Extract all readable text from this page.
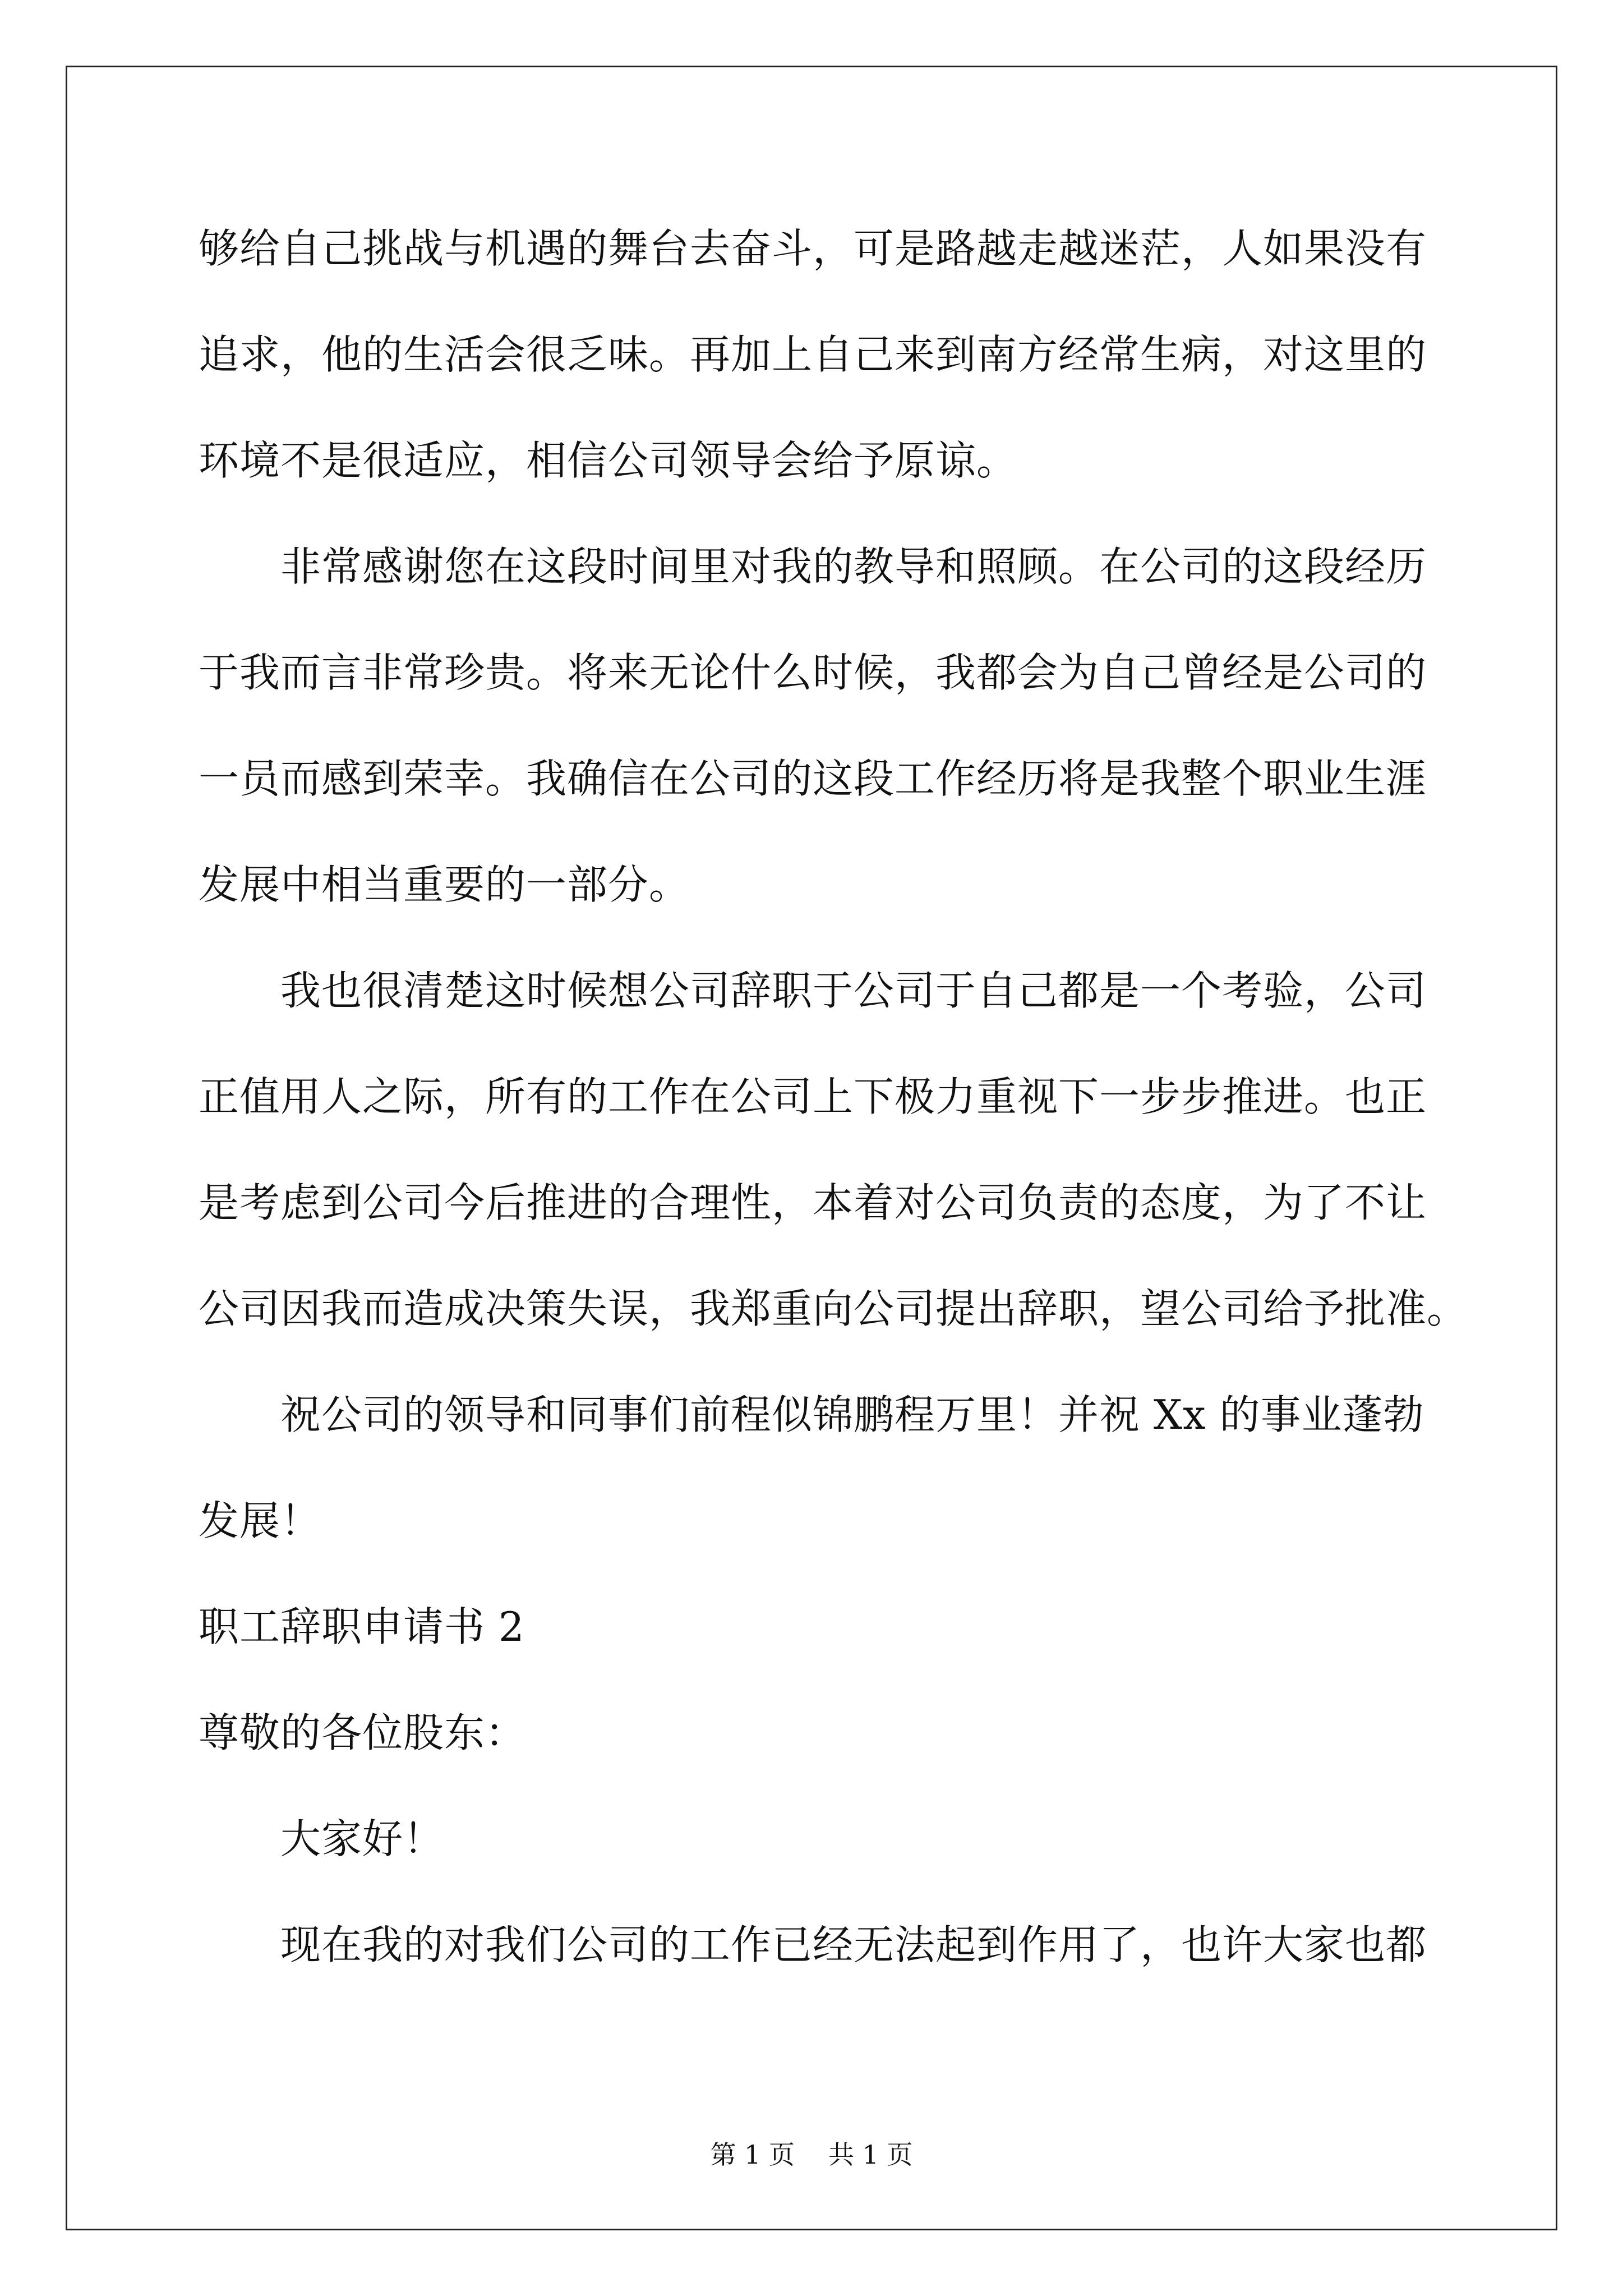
够给自己挑战与机遇的舞台去奋斗，可是路越走越迷茫，人如果没有
追求，他的生活会很乏味。再加上自己来到南方经常生病，对这里的
环境不是很适应，相信公司领导会给予原谅。
非常感谢您在这段时间里对我的教导和照顾。在公司的这段经历
于我而言非常珍贵。将来无论什么时候，我都会为自己曾经是公司的
一员而感到荣幸。我确信在公司的这段工作经历将是我整个职业生涯
发展中相当重要的一部分。
我也很清楚这时候想公司辞职于公司于自己都是一个考验，公司
正值用人之际，所有的工作在公司上下极力重视下一步步推进。也正
是考虑到公司今后推进的合理性，本着对公司负责的态度，为了不让
公司因我而造成决策失误，我郑重向公司提出辞职，望公司给予批准。
祝公司的领导和同事们前程似锦鹏程万里！并祝 Xx 的事业蓬勃
发展！
职工辞职申请书 2
尊敬的各位股东：
大家好！
现在我的对我们公司的工作已经无法起到作用了，也许大家也都
第 1 页 共 1 页
